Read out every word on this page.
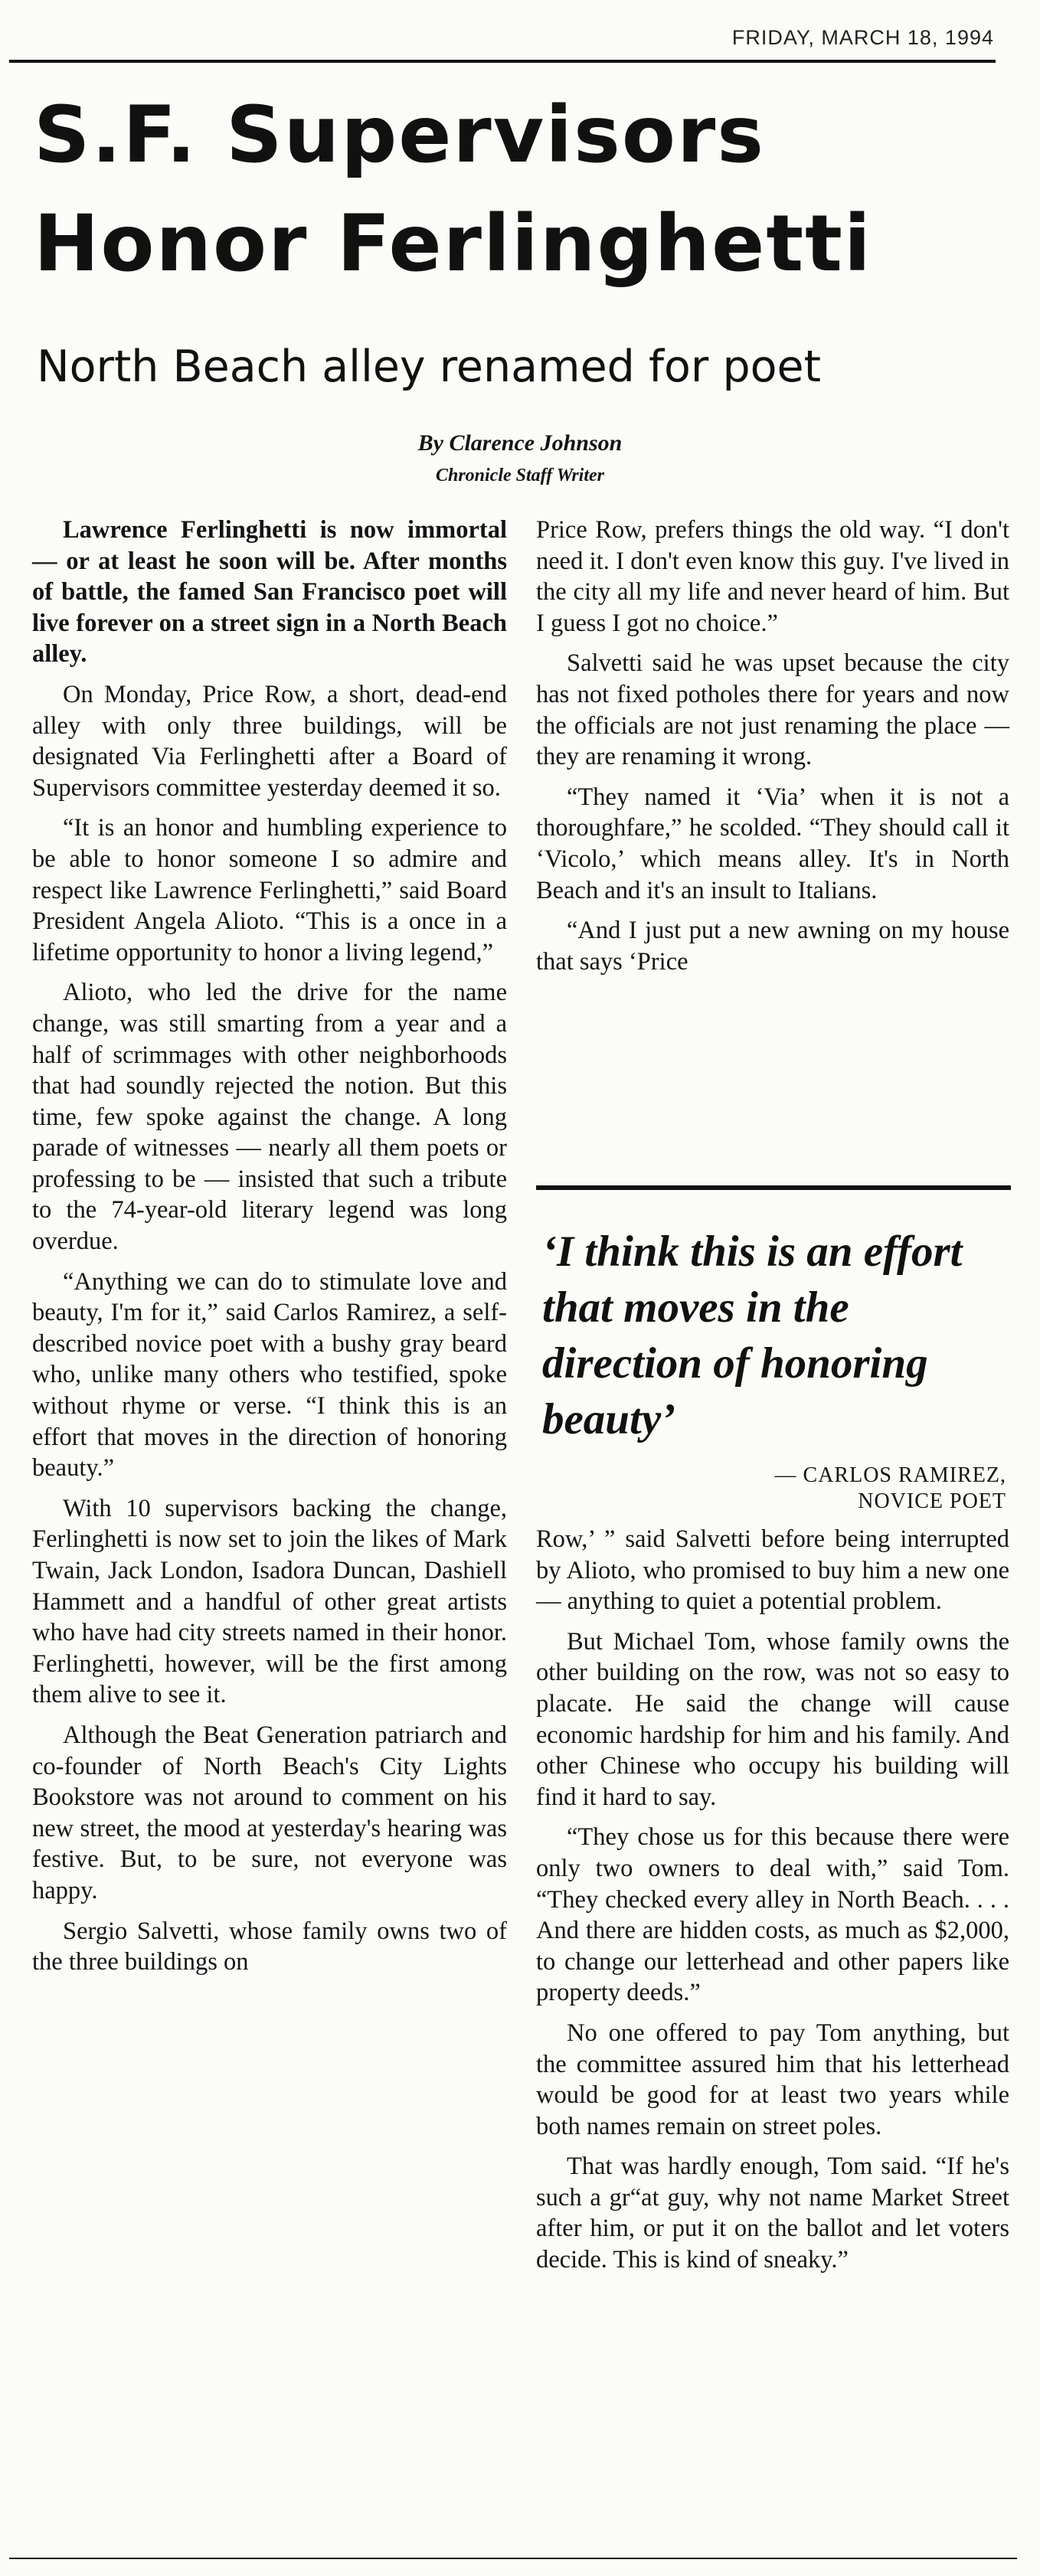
FRIDAY, MARCH 18, 1994
S.F. Supervisors
Honor Ferlinghetti
North Beach alley renamed for poet
By Clarence Johnson
Chronicle Staff Writer

Lawrence Ferlinghetti is now immortal — or at least he soon will be. After months of battle, the famed San Francisco poet will live forever on a street sign in a North Beach alley.

On Monday, Price Row, a short, dead-end alley with only three buildings, will be designated Via Ferlinghetti after a Board of Supervisors committee yesterday deemed it so.

“It is an honor and humbling experience to be able to honor someone I so admire and respect like Lawrence Ferlinghetti,” said Board President Angela Alioto. “This is a once in a lifetime opportunity to honor a living legend,”

Alioto, who led the drive for the name change, was still smarting from a year and a half of scrimmages with other neighborhoods that had soundly rejected the notion. But this time, few spoke against the change. A long parade of witnesses — nearly all them poets or professing to be — insisted that such a tribute to the 74-year-old literary legend was long overdue.

“Anything we can do to stimulate love and beauty, I'm for it,” said Carlos Ramirez, a self-described novice poet with a bushy gray beard who, unlike many others who testified, spoke without rhyme or verse. “I think this is an effort that moves in the direction of honoring beauty.”

With 10 supervisors backing the change, Ferlinghetti is now set to join the likes of Mark Twain, Jack London, Isadora Duncan, Dashiell Hammett and a handful of other great artists who have had city streets named in their honor. Ferlinghetti, however, will be the first among them alive to see it.

Although the Beat Generation patriarch and co-founder of North Beach's City Lights Bookstore was not around to comment on his new street, the mood at yesterday's hearing was festive. But, to be sure, not everyone was happy.

Sergio Salvetti, whose family owns two of the three buildings on

Price Row, prefers things the old way. “I don't need it. I don't even know this guy. I've lived in the city all my life and never heard of him. But I guess I got no choice.”

Salvetti said he was upset because the city has not fixed potholes there for years and now the officials are not just renaming the place — they are renaming it wrong.

“They named it ‘Via’ when it is not a thoroughfare,” he scolded. “They should call it ‘Vicolo,’ which means alley. It's in North Beach and it's an insult to Italians.

“And I just put a new awning on my house that says ‘Price

‘I think this is an effort that moves in the direction of honoring beauty’
— CARLOS RAMIREZ,
NOVICE POET

Row,’ ” said Salvetti before being interrupted by Alioto, who promised to buy him a new one — anything to quiet a potential problem.

But Michael Tom, whose family owns the other building on the row, was not so easy to placate. He said the change will cause economic hardship for him and his family. And other Chinese who occupy his building will find it hard to say.

“They chose us for this because there were only two owners to deal with,” said Tom. “They checked every alley in North Beach. . . . And there are hidden costs, as much as $2,000, to change our letterhead and other papers like property deeds.”

No one offered to pay Tom anything, but the committee assured him that his letterhead would be good for at least two years while both names remain on street poles.

That was hardly enough, Tom said. “If he's such a gr“at guy, why not name Market Street after him, or put it on the ballot and let voters decide. This is kind of sneaky.”
